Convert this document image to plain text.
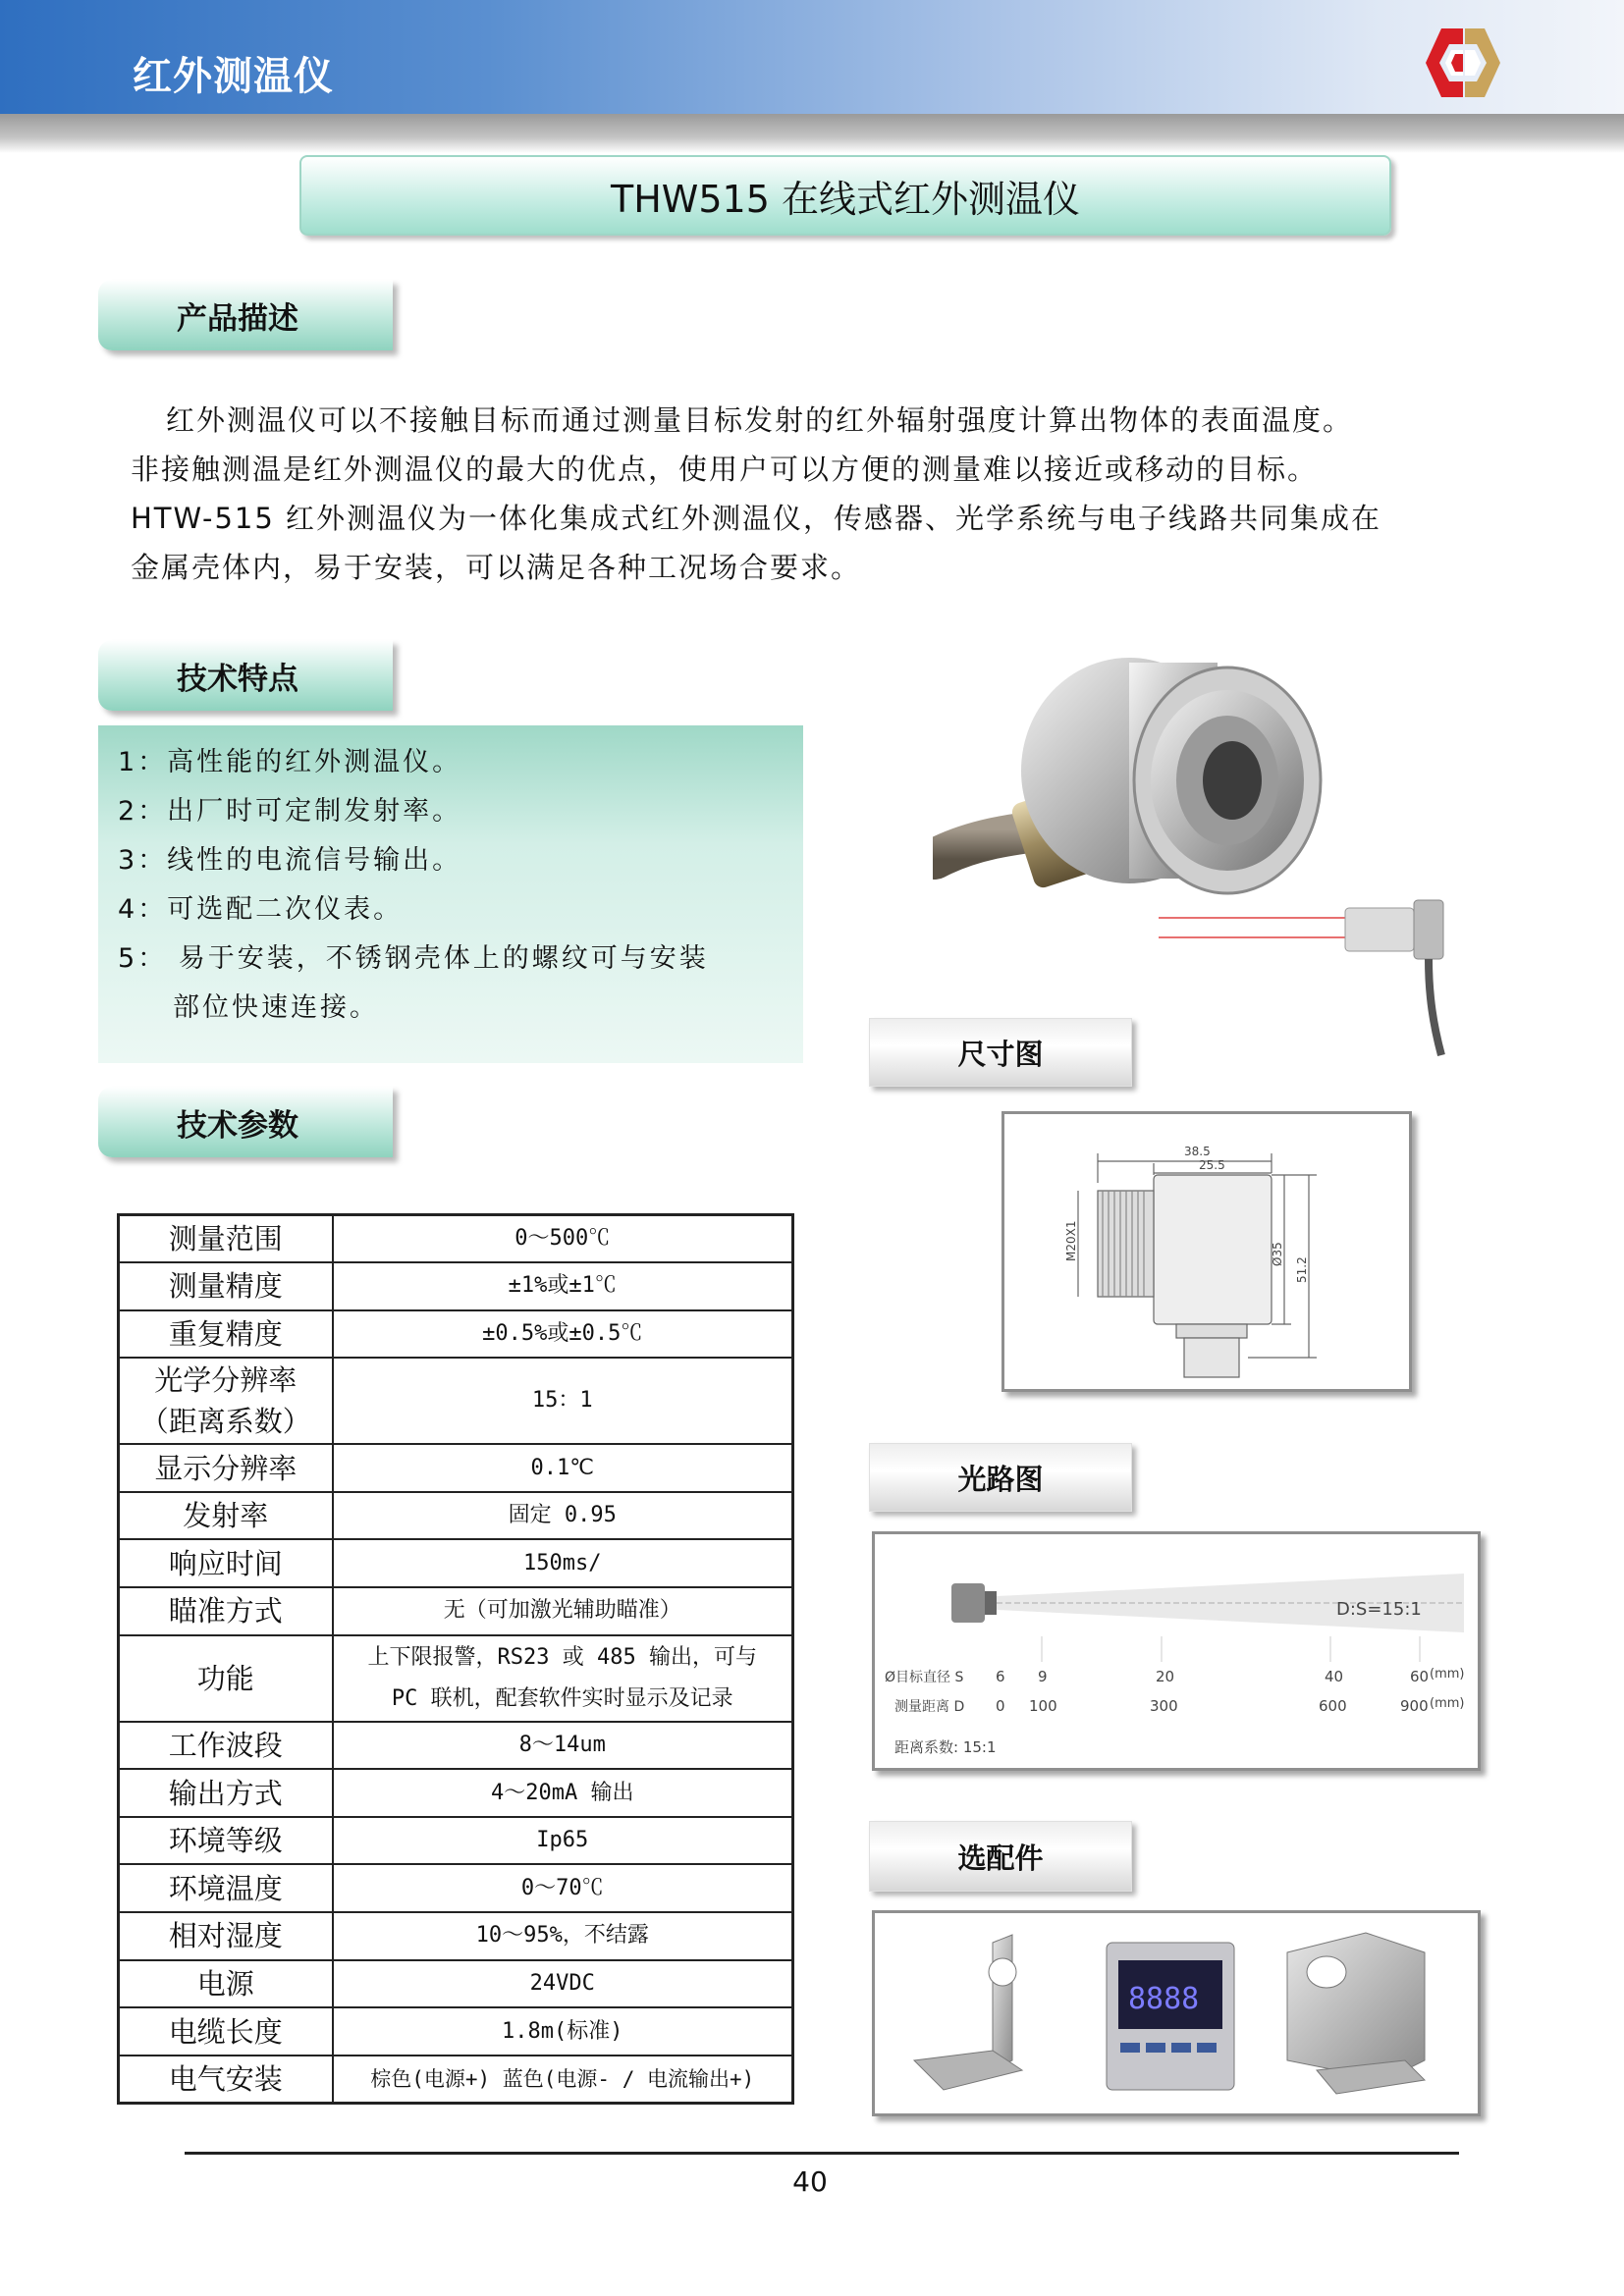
红外测温仪
THW515 在线式红外测温仪
产品描述
红外测温仪可以不接触目标而通过测量目标发射的红外辐射强度计算出物体的表面温度。
非接触测温是红外测温仪的最大的优点，使用户可以方便的测量难以接近或移动的目标。
HTW-515 红外测温仪为一体化集成式红外测温仪，传感器、光学系统与电子线路共同集成在
金属壳体内，易于安装，可以满足各种工况场合要求。
技术特点
1：高性能的红外测温仪。
2：出厂时可定制发射率。
3：线性的电流信号输出。
4：可选配二次仪表。
5： 易于安装，不锈钢壳体上的螺纹可与安装
部位快速连接。
技术参数
测量范围	0～500℃
测量精度	±1%或±1℃
重复精度	±0.5%或±0.5℃

光学分辨率
（距离系数）	15：1
显示分辨率	0.1℃
发射率	固定 0.95
响应时间	150ms/
瞄准方式	无（可加激光辅助瞄准）
功能	上下限报警，RS23 或 485 输出，可与
PC 联机，配套软件实时显示及记录

工作波段	8～14um
输出方式	4～20mA 输出
环境等级	Ip65
环境温度	0～70℃
相对湿度	10～95%，不结露
电源	24VDC
电缆长度	1.8m(标准)
电气安装	棕色(电源+) 蓝色(电源- / 电流输出+)
尺寸图
38.5
25.5
M20X1	Ø35
51.2
光路图
D:S=15:1
Ø目标直径 S 6 9	20	40	60 (mm)
测量距离 D 0 100	300	600	900 (mm)
距离系数: 15:1
选配件
8888
40
